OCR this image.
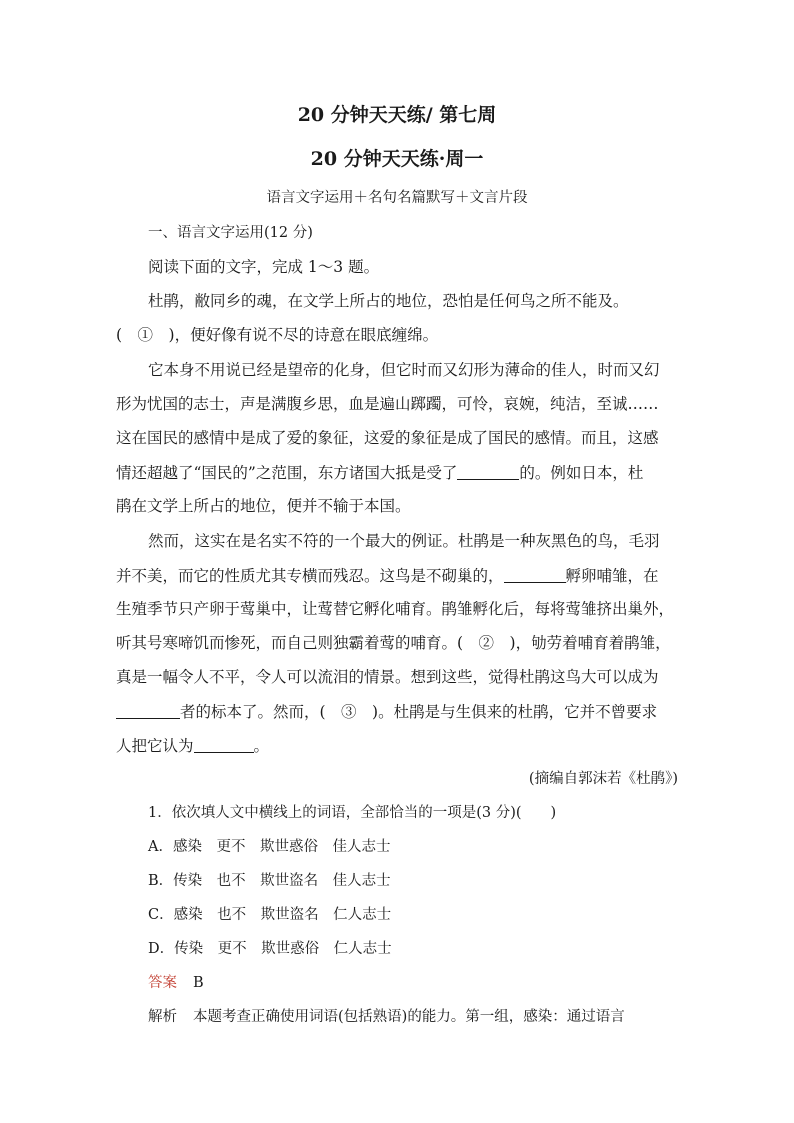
20 分钟天天练/ 第七周
20 分钟天天练·周一
语言文字运用＋名句名篇默写＋文言片段
一、语言文字运用(12 分)
阅读下面的文字，完成 1～3 题。
杜鹃，敝同乡的魂，在文学上所占的地位，恐怕是任何鸟之所不能及。
(　①　)，便好像有说不尽的诗意在眼底缠绵。
它本身不用说已经是望帝的化身，但它时而又幻形为薄命的佳人，时而又幻
形为忧国的志士，声是满腹乡思，血是遍山踯躅，可怜，哀婉，纯洁，至诚……
这在国民的感情中是成了爱的象征，这爱的象征是成了国民的感情。而且，这感
情还超越了“国民的”之范围，东方诸国大抵是受了	的。例如日本，杜
鹃在文学上所占的地位，便并不输于本国。
然而，这实在是名实不符的一个最大的例证。杜鹃是一种灰黑色的鸟，毛羽
并不美，而它的性质尤其专横而残忍。这鸟是不砌巢的，	孵卵哺雏，在
生殖季节只产卵于莺巢中，让莺替它孵化哺育。鹃雏孵化后，每将莺雏挤出巢外，
听其号寒啼饥而惨死，而自己则独霸着莺的哺育。(　②　)，劬劳着哺育着鹃雏，
真是一幅令人不平，令人可以流泪的情景。想到这些，觉得杜鹃这鸟大可以成为
者的标本了。然而，(　③　)。杜鹃是与生俱来的杜鹃，它并不曾要求
人把它认为	。
(摘编自郭沫若《杜鹃》)
1．依次填人文中横线上的词语，全部恰当的一项是(3 分)(　　)
A．感染　更不　欺世惑俗　佳人志士
B．传染　也不　欺世盗名　佳人志士
C．感染　也不　欺世盗名　仁人志士
D．传染　更不　欺世惑俗　仁人志士
答案 B
解析 本题考查正确使用词语(包括熟语)的能力。第一组，感染：通过语言
